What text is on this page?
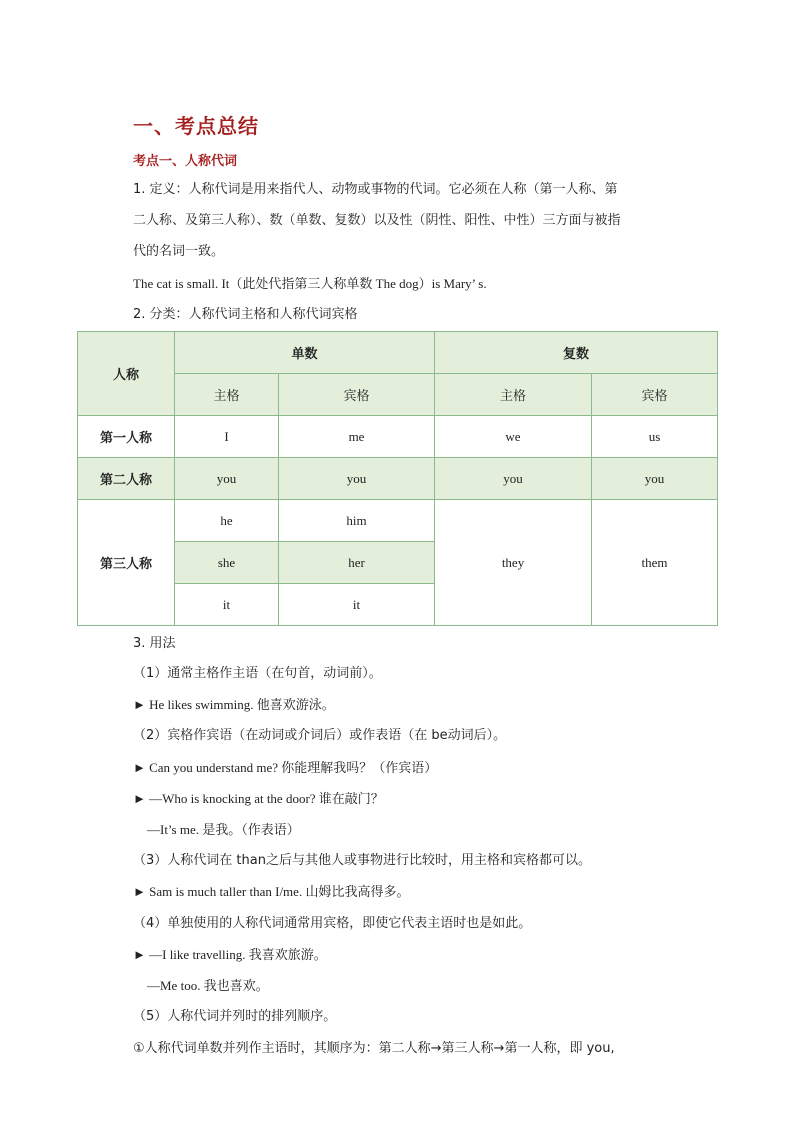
一、考点总结
考点一、人称代词
1. 定义：人称代词是用来指代人、动物或事物的代词。它必须在人称（第一人称、第
二人称、及第三人称）、数（单数、复数）以及性（阴性、阳性、中性）三方面与被指
代的名词一致。
The cat is small. It（此处代指第三人称单数 The dog）is Mary’ s.
2. 分类：人称代词主格和人称代词宾格
人称	单数		复数	
	主格	宾格	主格	宾格
第一人称	I	me	we	us
第二人称	you	you	you	you
第三人称	he	him	they	them
	she	her		
	it	it		
3. 用法
（1）通常主格作主语（在句首，动词前）。
► He likes swimming. 他喜欢游泳。
（2）宾格作宾语（在动词或介词后）或作表语（在 be动词后）。
► Can you understand me? 你能理解我吗？（作宾语）
► —Who is knocking at the door? 谁在敲门？
—It’s me. 是我。（作表语）
（3）人称代词在 than之后与其他人或事物进行比较时，用主格和宾格都可以。
► Sam is much taller than I/me. 山姆比我高得多。
（4）单独使用的人称代词通常用宾格，即使它代表主语时也是如此。
► —I like travelling. 我喜欢旅游。
—Me too. 我也喜欢。
（5）人称代词并列时的排列顺序。
①人称代词单数并列作主语时，其顺序为：第二人称→第三人称→第一人称，即 you,
